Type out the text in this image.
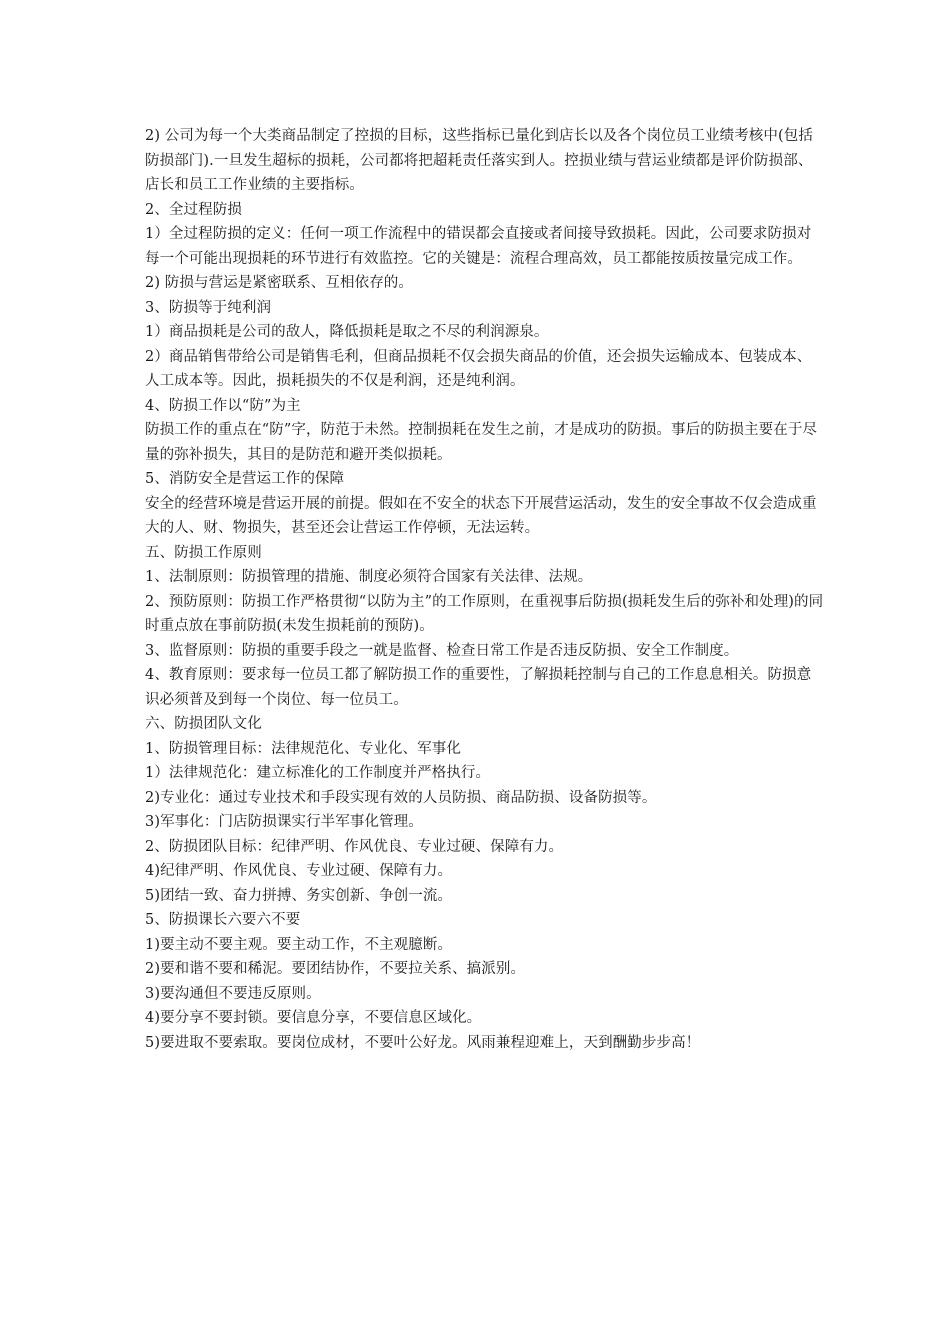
2) 公司为每一个大类商品制定了控损的目标，这些指标已量化到店长以及各个岗位员工业绩考核中(包括防损部门).一旦发生超标的损耗，公司都将把超耗责任落实到人。控损业绩与营运业绩都是评价防损部、店长和员工工作业绩的主要指标。

2、全过程防损

1）全过程防损的定义：任何一项工作流程中的错误都会直接或者间接导致损耗。因此，公司要求防损对每一个可能出现损耗的环节进行有效监控。它的关键是：流程合理高效，员工都能按质按量完成工作。

2) 防损与营运是紧密联系、互相依存的。

3、防损等于纯利润

1）商品损耗是公司的敌人，降低损耗是取之不尽的利润源泉。

2）商品销售带给公司是销售毛利，但商品损耗不仅会损失商品的价值，还会损失运输成本、包装成本、人工成本等。因此，损耗损失的不仅是利润，还是纯利润。

4、防损工作以“防”为主

防损工作的重点在“防”字，防范于未然。控制损耗在发生之前，才是成功的防损。事后的防损主要在于尽量的弥补损失，其目的是防范和避开类似损耗。

5、消防安全是营运工作的保障

安全的经营环境是营运开展的前提。假如在不安全的状态下开展营运活动，发生的安全事故不仅会造成重大的人、财、物损失，甚至还会让营运工作停顿，无法运转。

五、防损工作原则

1、法制原则：防损管理的措施、制度必须符合国家有关法律、法规。

2、预防原则：防损工作严格贯彻“以防为主”的工作原则，在重视事后防损(损耗发生后的弥补和处理)的同时重点放在事前防损(未发生损耗前的预防)。

3、监督原则：防损的重要手段之一就是监督、检查日常工作是否违反防损、安全工作制度。

4、教育原则：要求每一位员工都了解防损工作的重要性，了解损耗控制与自己的工作息息相关。防损意识必须普及到每一个岗位、每一位员工。

六、防损团队文化

1、防损管理目标：法律规范化、专业化、军事化

1）法律规范化：建立标准化的工作制度并严格执行。

2)专业化：通过专业技术和手段实现有效的人员防损、商品防损、设备防损等。

3)军事化：门店防损课实行半军事化管理。

2、防损团队目标：纪律严明、作风优良、专业过硬、保障有力。

4)纪律严明、作风优良、专业过硬、保障有力。

5)团结一致、奋力拼搏、务实创新、争创一流。

5、防损课长六要六不要

1)要主动不要主观。要主动工作，不主观臆断。

2)要和谐不要和稀泥。要团结协作，不要拉关系、搞派别。

3)要沟通但不要违反原则。

4)要分享不要封锁。要信息分享，不要信息区域化。

5)要进取不要索取。要岗位成材，不要叶公好龙。风雨兼程迎难上，天到酬勤步步高！
